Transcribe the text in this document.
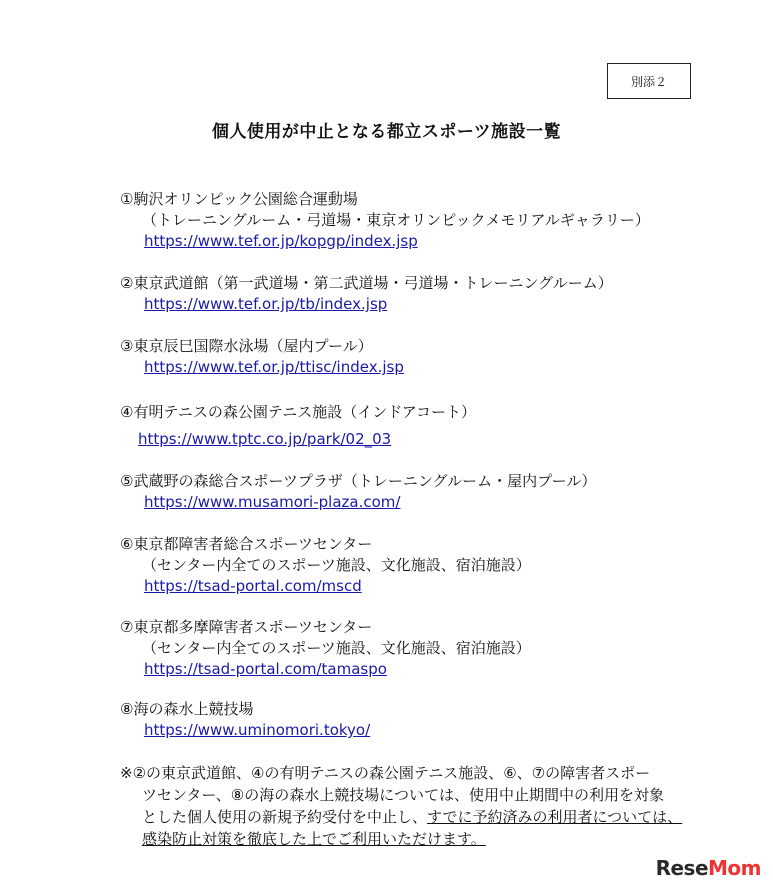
別添２
個人使用が中止となる都立スポーツ施設一覧
①駒沢オリンピック公園総合運動場
（トレーニングルーム・弓道場・東京オリンピックメモリアルギャラリー）
https://www.tef.or.jp/kopgp/index.jsp
②東京武道館（第一武道場・第二武道場・弓道場・トレーニングルーム）
https://www.tef.or.jp/tb/index.jsp
③東京辰巳国際水泳場（屋内プール）
https://www.tef.or.jp/ttisc/index.jsp
④有明テニスの森公園テニス施設（インドアコート）
https://www.tptc.co.jp/park/02_03
⑤武蔵野の森総合スポーツプラザ（トレーニングルーム・屋内プール）
https://www.musamori-plaza.com/
⑥東京都障害者総合スポーツセンター
（センター内全てのスポーツ施設、文化施設、宿泊施設）
https://tsad-portal.com/mscd
⑦東京都多摩障害者スポーツセンター
（センター内全てのスポーツ施設、文化施設、宿泊施設）
https://tsad-portal.com/tamaspo
⑧海の森水上競技場
https://www.uminomori.tokyo/
※②の東京武道館、④の有明テニスの森公園テニス施設、⑥、⑦の障害者スポー
ツセンター、⑧の海の森水上競技場については、使用中止期間中の利用を対象
とした個人使用の新規予約受付を中止し、すでに予約済みの利用者については、
感染防止対策を徹底した上でご利用いただけます。
ReseMom
